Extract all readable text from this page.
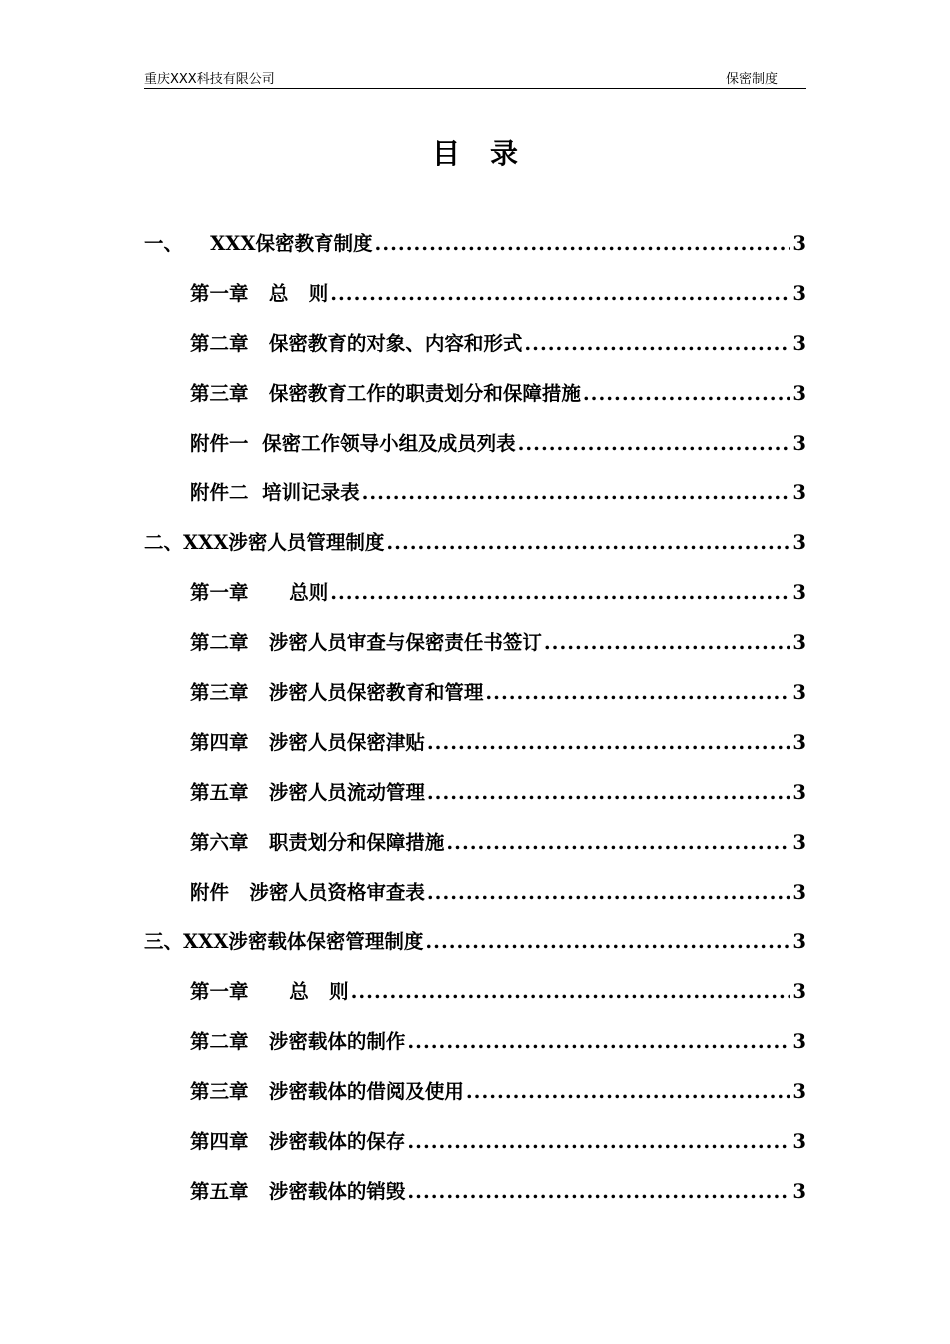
重庆XXX科技有限公司	保密制度
目录
一、    XXX保密教育制度 .....	3
第一章   总   则 .....	3
第二章   保密教育的对象、内容和形式 .....	3
第三章   保密教育工作的职责划分和保障措施 .....	3
附件一  保密工作领导小组及成员列表 .....	3
附件二  培训记录表 .....	3
二、XXX涉密人员管理制度 .....	3
第一章      总则 .....	3
第二章   涉密人员审查与保密责任书签订 .....	3
第三章   涉密人员保密教育和管理 .....	3
第四章   涉密人员保密津贴 .....	3
第五章   涉密人员流动管理 .....	3
第六章   职责划分和保障措施 .....	3
附件   涉密人员资格审查表 .....	3
三、XXX涉密载体保密管理制度 .....	3
第一章      总   则 .....	3
第二章   涉密载体的制作 .....	3
第三章   涉密载体的借阅及使用 .....	3
第四章   涉密载体的保存 .....	3
第五章   涉密载体的销毁 .....	3
